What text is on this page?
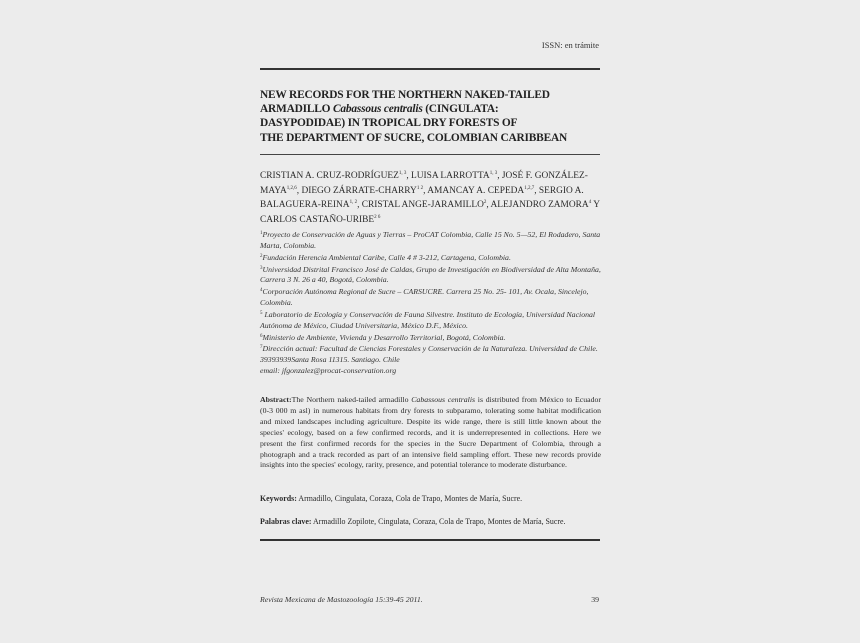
ISSN: en trámite
NEW RECORDS FOR THE NORTHERN NAKED-TAILED
ARMADILLO Cabassous centralis (CINGULATA:
DASYPODIDAE) IN TROPICAL DRY FORESTS OF
THE DEPARTMENT OF SUCRE, COLOMBIAN CARIBBEAN
CRISTIAN A. CRUZ-RODRÍGUEZ$^{1, 3}$, LUISA LARROTTA$^{1, 3}$, JOSÉ F. GONZÁLEZ-MAYA$^{1,2,6}$, DIEGO ZÁRRATE-$CHARRY^{1 2}$, AMANCAY A. CEPEDA$^{1,2,7}$, SERGIO A. BALAGUERA-REINA$^{1, 2}$, CRISTAL ANGE-JARAMILLO$^2$, ALEJANDRO ZAMORA$^4$ Y CARLOS CASTAÑO-$URIBE^{2 6}$
$^1$Proyecto de Conservación de Aguas y Tierras – ProCAT Colombia, Calle 15 No. 5—52, El Rodadero, Santa Marta, Colombia.
$^2$Fundación Herencia Ambiental Caribe, Calle 4 # 3-212, Cartagena, Colombia.
$^3$Universidad Distrital Francisco José de Caldas, Grupo de Investigación en Biodiversidad de Alta Montaña, Carrera 3 N. 26 a 40, Bogotá, Colombia.
$^4$Corporación Autónoma Regional de Sucre – CARSUCRE. Carrera 25 No. 25- 101, Av. Ocala, Sincelejo, Colombia.
$^5$ Laboratorio de Ecología y Conservación de Fauna Silvestre. Instituto de Ecología, Universidad Nacional Autónoma de México, Ciudad Universitaria, México D.F., México.
$^6$Ministerio de Ambiente, Vivienda y Desarrollo Territorial, Bogotá, Colombia.
$^7$Dirección actual: Facultad de Ciencias Forestales y Conservación de la Naturaleza. Universidad de Chile. 39393939Santa Rosa 11315. Santiago. Chile
email: jfgonzalez@procat-conservation.org
Abstract:The Northern naked-tailed armadillo Cabassous centralis is distributed from México to Ecuador (0-3 000 m asl) in numerous habitats from dry forests to subparamo, tolerating some habitat modification and mixed landscapes including agriculture. Despite its wide range, there is still little known about the species' ecology, based on a few confirmed records, and it is underrepresented in collections. Here we present the first confirmed records for the species in the Sucre Department of Colombia, through a photograph and a track recorded as part of an intensive field sampling effort. These new records provide insights into the species' ecology, rarity, presence, and potential tolerance to moderate disturbance.
Keywords: Armadillo, Cingulata, Coraza, Cola de Trapo, Montes de María, Sucre.
Palabras clave: Armadillo Zopilote, Cingulata, Coraza, Cola de Trapo, Montes de María, Sucre.
Revista Mexicana de Mastozoología 15:39-45 2011.	39
